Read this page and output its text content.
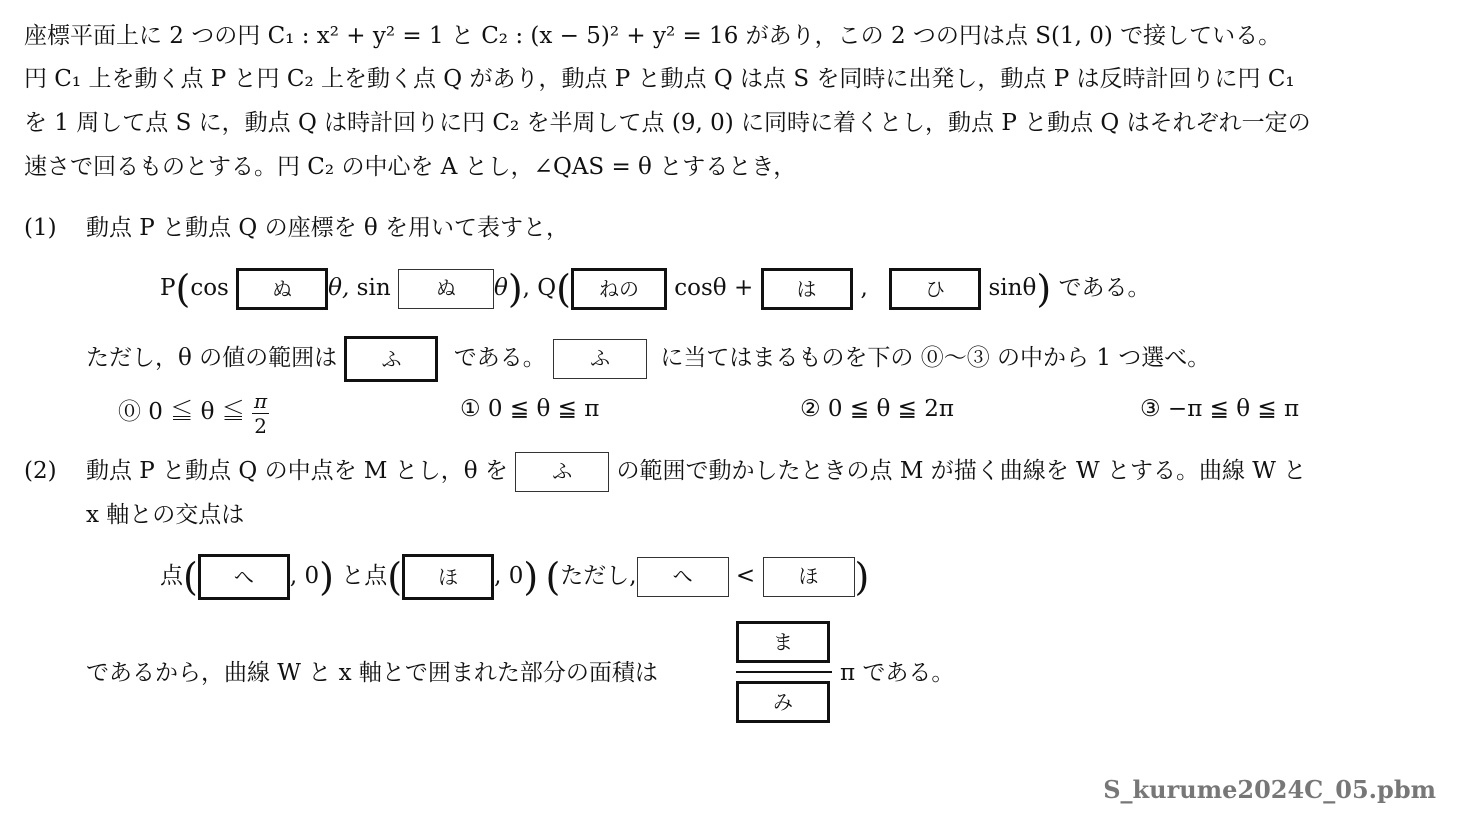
座標平面上に 2 つの円 C₁ : x² + y² = 1 と C₂ : (x − 5)² + y² = 16 があり，この 2 つの円は点 S(1, 0) で接している。
円 C₁ 上を動く点 P と円 C₂ 上を動く点 Q があり，動点 P と動点 Q は点 S を同時に出発し，動点 P は反時計回りに円 C₁
を 1 周して点 S に，動点 Q は時計回りに円 C₂ を半周して点 (9, 0) に同時に着くとし，動点 P と動点 Q はそれぞれ一定の
速さで回るものとする。円 C₂ の中心を A とし，∠QAS = θ とするとき，
(1) 動点 P と動点 Q の座標を θ を用いて表すと，
P(cos ぬ θ, sin ぬ θ), Q( ねの cosθ + は ,	ひ sinθ) である。
ただし，θ の値の範囲は ふ である。 ふ に当てはまるものを下の ⓪〜③ の中から 1 つ選べ。
⓪ 0 ≦ θ ≦ $\frac{\pi}{2}$	① 0 ≦ θ ≦ π	② 0 ≦ θ ≦ 2π	③ −π ≦ θ ≦ π
(2) 動点 P と動点 Q の中点を M とし，θ を ふ の範囲で動かしたときの点 M が描く曲線を W とする。曲線 W と
x 軸との交点は
点( へ , 0) と点( ほ , 0) (ただし, へ < ほ )
であるから，曲線 W と x 軸とで囲まれた部分の面積は
ま
み
π である。
S_kurume2024C_05.pbm
